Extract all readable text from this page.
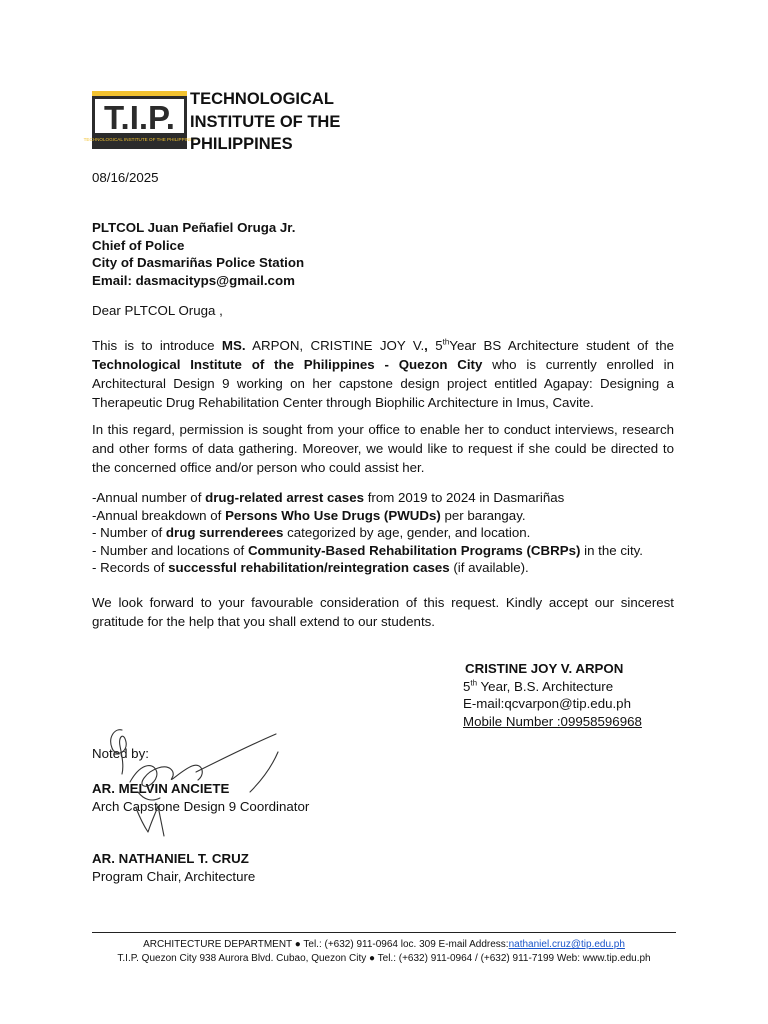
T.I.P.
TECHNOLOGICAL INSTITUTE OF THE PHILIPPINES
TECHNOLOGICAL
INSTITUTE OF THE
PHILIPPINES
08/16/2025
PLTCOL Juan Peñafiel Oruga Jr.
Chief of Police
City of Dasmariñas Police Station
Email: dasmacityps@gmail.com
Dear PLTCOL Oruga ,
This is to introduce MS. ARPON, CRISTINE JOY V., 5thYear BS Architecture student of the Technological Institute of the Philippines - Quezon City who is currently enrolled in Architectural Design 9 working on her capstone design project entitled Agapay: Designing a Therapeutic Drug Rehabilitation Center through Biophilic Architecture in Imus, Cavite.
In this regard, permission is sought from your office to enable her to conduct interviews, research and other forms of data gathering. Moreover, we would like to request if she could be directed to the concerned office and/or person who could assist her.
-Annual number of drug-related arrest cases from 2019 to 2024 in Dasmariñas
-Annual breakdown of Persons Who Use Drugs (PWUDs) per barangay.
- Number of drug surrenderees categorized by age, gender, and location.
- Number and locations of Community-Based Rehabilitation Programs (CBRPs) in the city.
- Records of successful rehabilitation/reintegration cases (if available).
We look forward to your favourable consideration of this request. Kindly accept our sincerest gratitude for the help that you shall extend to our students.
CRISTINE JOY V. ARPON
5th Year, B.S. Architecture
E-mail:qcvarpon@tip.edu.ph
Mobile Number :09958596968
Noted by:
AR. MELVIN ANCIETE
Arch Capstone Design 9 Coordinator
AR. NATHANIEL T. CRUZ
Program Chair, Architecture
ARCHITECTURE DEPARTMENT ● Tel.: (+632) 911-0964 loc. 309 E-mail Address:nathaniel.cruz@tip.edu.ph
T.I.P. Quezon City 938 Aurora Blvd. Cubao, Quezon City ● Tel.: (+632) 911-0964 / (+632) 911-7199 Web: www.tip.edu.ph
